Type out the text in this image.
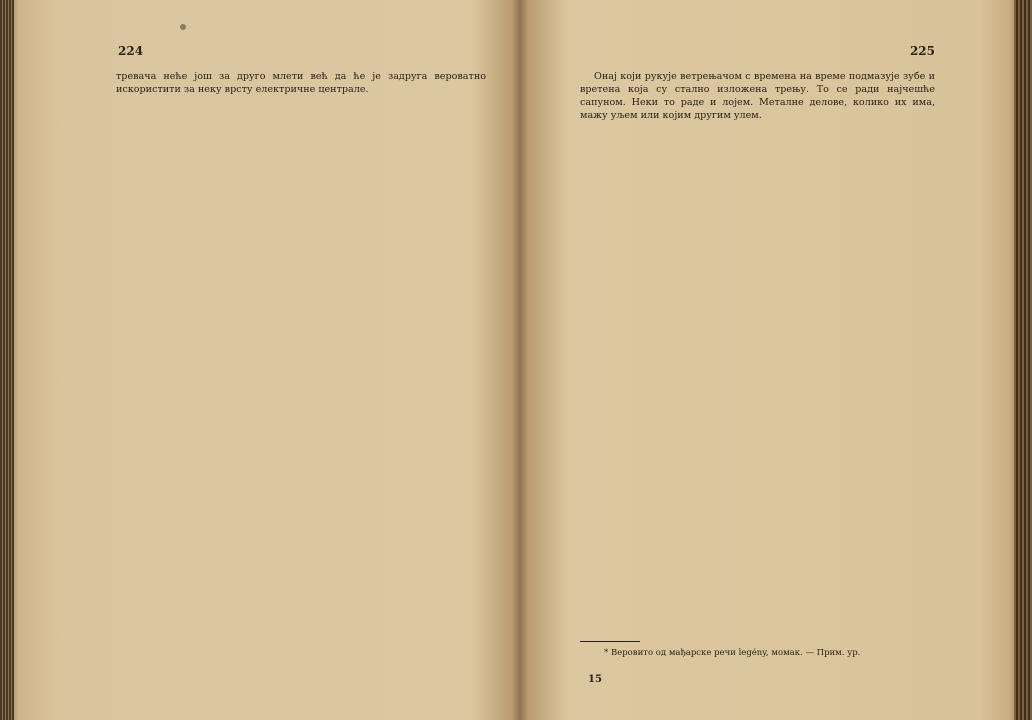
224

тревача неће још за друго млети већ да ће је задруга вероватно искористити за неку врсту електричне централе.

225

Онај који рукује ветрењачом с времена на време подмазује зубе и вретена која су стално изложена трењу. То се ради најчешће сапуном. Неки то раде и лојем. Металне делове, колико их има, мажу уљем или којим другим улем.

* Веровито од мађарске речи legény, момак. — Прим. ур.
15
